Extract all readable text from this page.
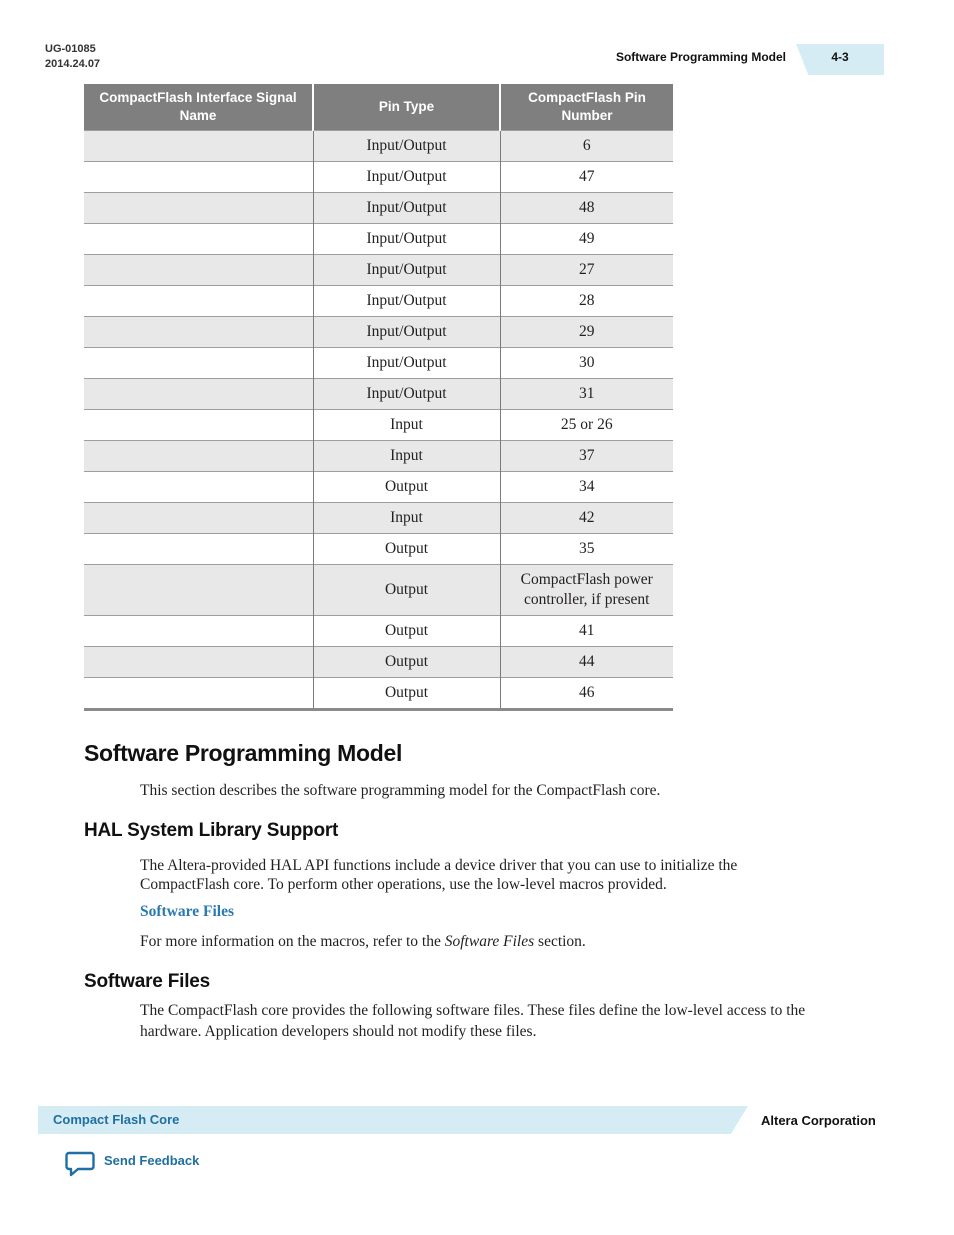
UG-01085
2014.24.07	Software Programming Model	4-3
CompactFlash Interface Signal Name	Pin Type	CompactFlash Pin Number
	Input/Output	6
	Input/Output	47
	Input/Output	48
	Input/Output	49
	Input/Output	27
	Input/Output	28
	Input/Output	29
	Input/Output	30
	Input/Output	31
	Input	25 or 26
	Input	37
	Output	34
	Input	42
	Output	35
	Output	CompactFlash power controller, if present
	Output	41
	Output	44
	Output	46
Software Programming Model

This section describes the software programming model for the CompactFlash core.

HAL System Library Support

The Altera-provided HAL API functions include a device driver that you can use to initialize the
CompactFlash core. To perform other operations, use the low-level macros provided.

Software Files

For more information on the macros, refer to the Software Files section.

Software Files

The CompactFlash core provides the following software files. These files define the low-level access to the
hardware. Application developers should not modify these files.

Compact Flash Core	Altera Corporation
Send Feedback
